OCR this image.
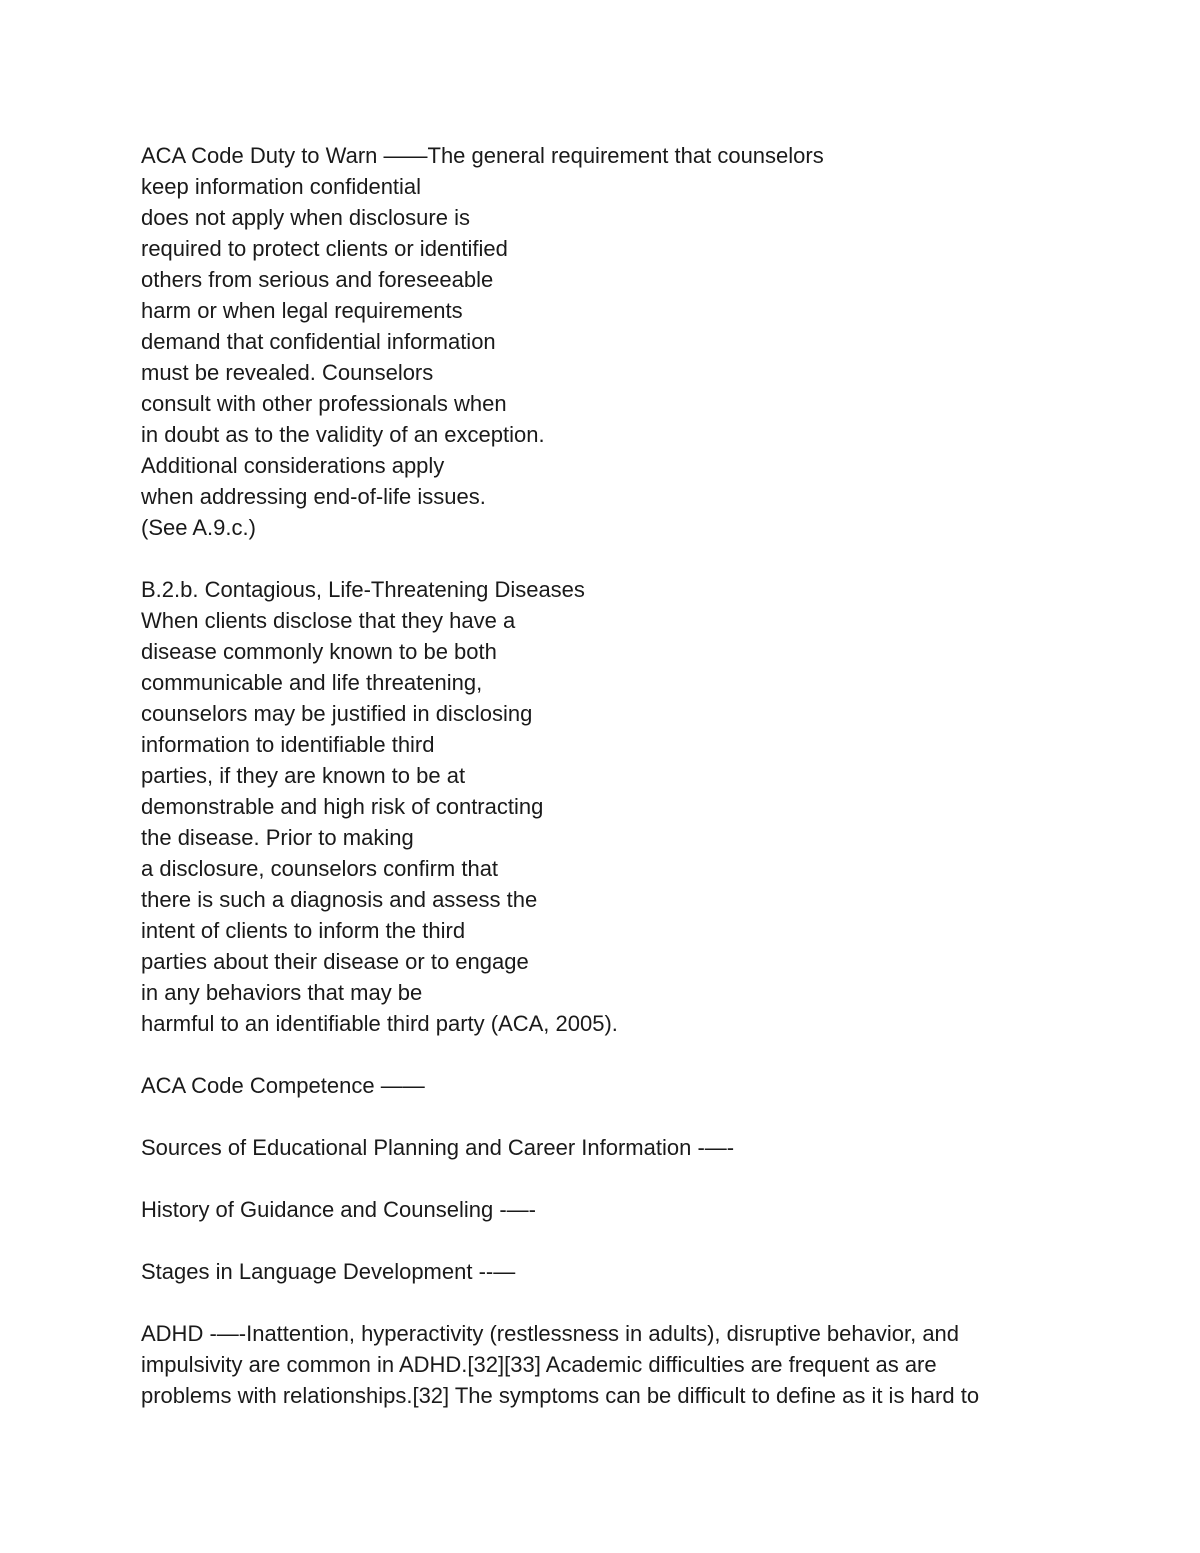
ACA Code Duty to Warn ——The general requirement that counselors
keep information confidential
does not apply when disclosure is
required to protect clients or identified
others from serious and foreseeable
harm or when legal requirements
demand that confidential information
must be revealed. Counselors
consult with other professionals when
in doubt as to the validity of an exception.
Additional considerations apply
when addressing end-of-life issues.
(See A.9.c.)
B.2.b. Contagious, Life-Threatening Diseases
When clients disclose that they have a
disease commonly known to be both
communicable and life threatening,
counselors may be justified in disclosing
information to identifiable third
parties, if they are known to be at
demonstrable and high risk of contracting
the disease. Prior to making
a disclosure, counselors confirm that
there is such a diagnosis and assess the
intent of clients to inform the third
parties about their disease or to engage
in any behaviors that may be
harmful to an identifiable third party (ACA, 2005).
ACA Code Competence ——
Sources of Educational Planning and Career Information -—-
History of Guidance and Counseling -—-
Stages in Language Development --—
ADHD -—-Inattention, hyperactivity (restlessness in adults), disruptive behavior, and
impulsivity are common in ADHD.[32][33] Academic difficulties are frequent as are
problems with relationships.[32] The symptoms can be difficult to define as it is hard to
